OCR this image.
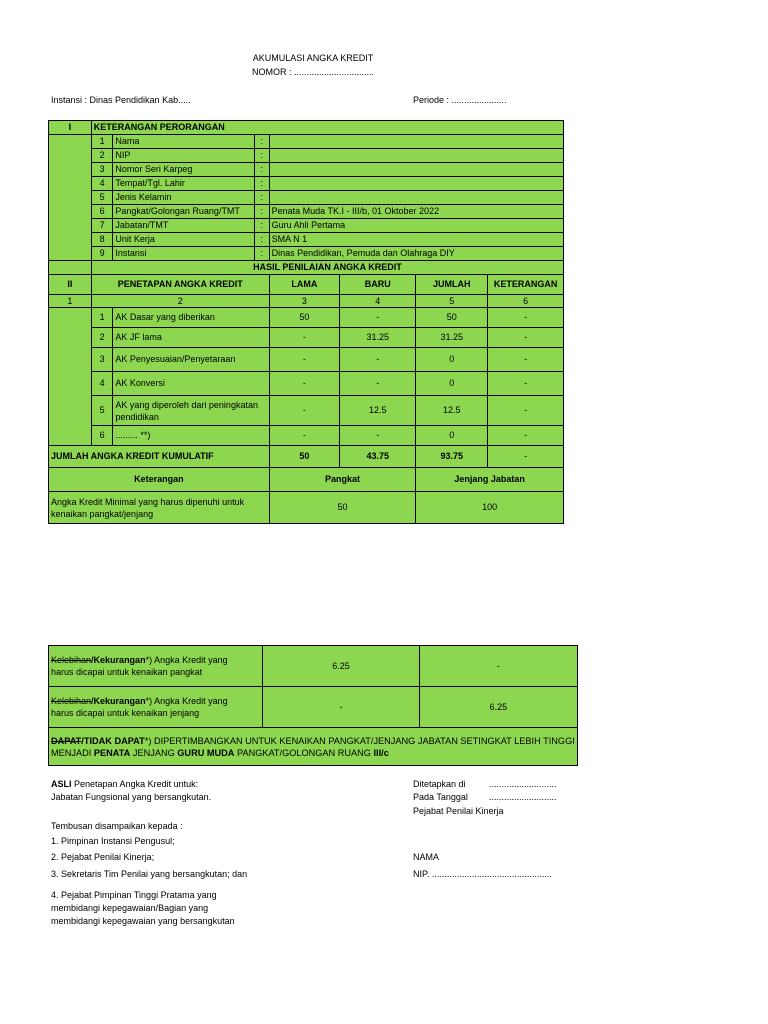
AKUMULASI ANGKA KREDIT
NOMOR : ................................
Instansi : Dinas Pendidikan Kab.....	Periode : ......................
I	KETERANGAN PERORANGAN						
	1	Nama	:				
	2	NIP	:				
	3	Nomor Seri Karpeg	:				
	4	Tempat/Tgl. Lahir	:				
	5	Jenis Kelamin	:				
	6	Pangkat/Golongan Ruang/TMT	:	Penata Muda TK.I - III/b, 01 Oktober 2022			
	7	Jabatan/TMT	:	Guru Ahli Pertama			
	8	Unit Kerja	:	SMA N 1			
	9	Instansi	:	Dinas Pendidikan, Pemuda dan Olahraga DIY			
	HASIL PENILAIAN ANGKA KREDIT						
II	PENETAPAN ANGKA KREDIT			LAMA	BARU	JUMLAH	KETERANGAN
1	2			3	4	5	6
	1	AK Dasar yang diberikan		50	-	50	-
	2	AK JF lama		-	31.25	31.25	-
	3	AK Penyesuaian/Penyetaraan		-	-	0	-
	4	AK Konversi		-	-	0	-
	5	AK yang diperoleh dari peningkatan pendidikan		-	12.5	12.5	-
	6	......... **)		-	-	0	-
JUMLAH ANGKA KREDIT KUMULATIF				50	43.75	93.75	-
Keterangan				Pangkat		Jenjang Jabatan	
Angka Kredit Minimal yang harus dipenuhi untuk kenaikan pangkat/jenjang				50		100	
Kelebihan/Kekurangan*) Angka Kredit yang
harus dicapai untuk kenaikan pangkat	6.25	-
Kelebihan/Kekurangan*) Angka Kredit yang
harus dicapai untuk kenaikan jenjang	-	6.25
DAPAT/TIDAK DAPAT*) DIPERTIMBANGKAN UNTUK KENAIKAN PANGKAT/JENJANG JABATAN SETINGKAT LEBIH TINGGI
MENJADI PENATA JENJANG GURU MUDA PANGKAT/GOLONGAN RUANG III/c		
ASLI Penetapan Angka Kredit untuk:
Jabatan Fungsional yang bersangkutan.
Tembusan disampaikan kepada :
1. Pimpinan Instansi Pengusul;
2. Pejabat Penilai Kinerja;
3. Sekretaris Tim Penilai yang bersangkutan; dan
4. Pejabat Pimpinan Tinggi Pratama yang
membidangi kepegawaian/Bagian yang
membidangi kepegawaian yang bersangkutan
Ditetapkan di	...........................
Pada Tanggal ...........................
Pejabat Penilai Kinerja
NAMA
NIP. ................................................
